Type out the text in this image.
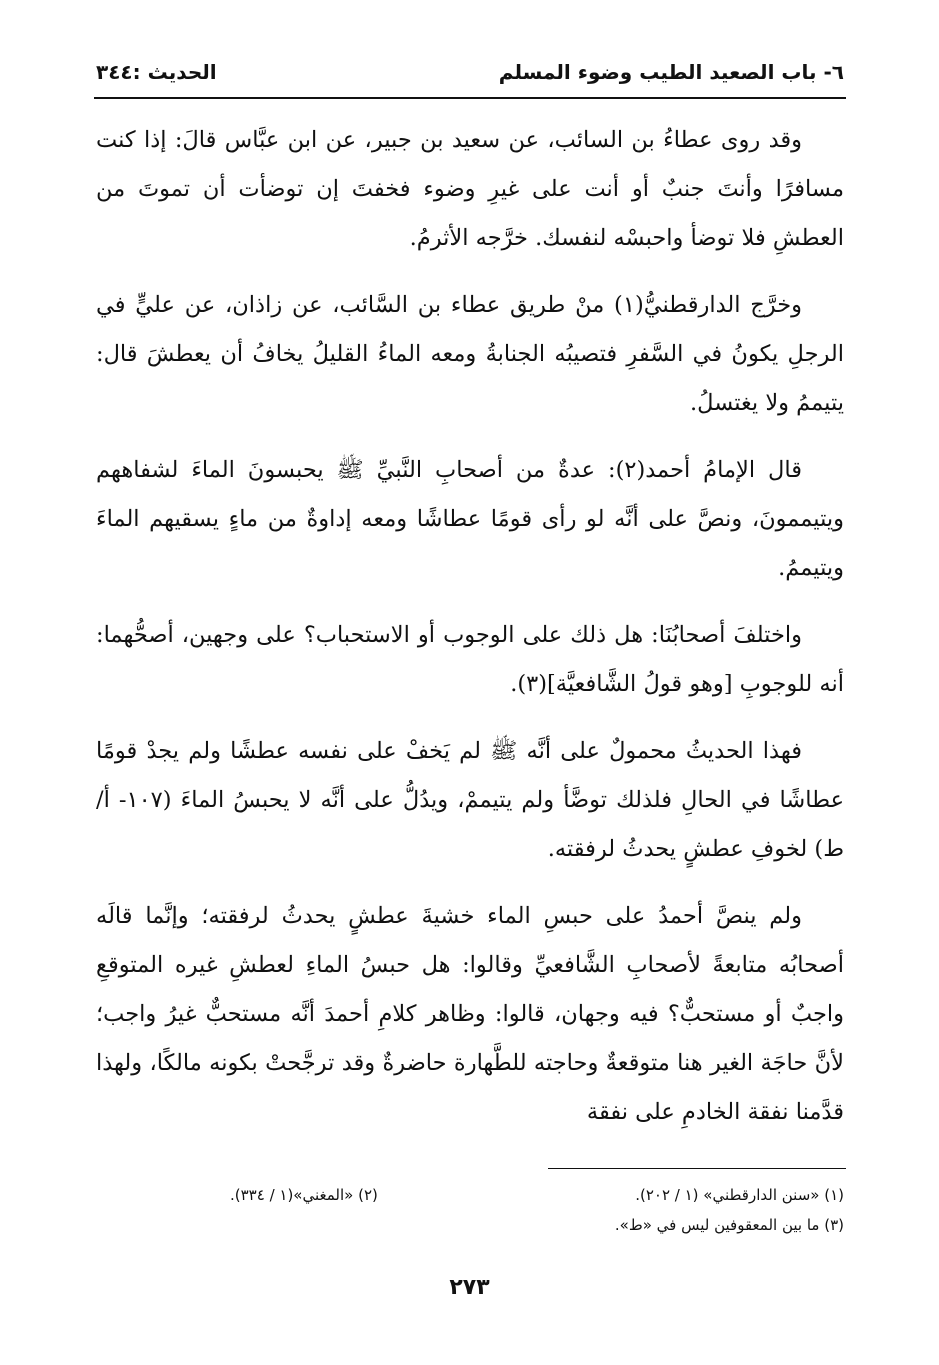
٦- باب الصعيد الطيب وضوء المسلم
الحديث :٣٤٤

وقد روى عطاءُ بن السائب، عن سعيد بن جبير، عن ابن عبَّاس قالَ: إذا كنت مسافرًا وأنتَ جنبٌ أو أنت على غيرِ وضوء فخفتَ إن توضأت أن تموتَ من العطشِ فلا توضأ واحبسْه لنفسك. خرَّجه الأثرمُ.

وخرَّج الدارقطنيُّ(١) منْ طريق عطاء بن السَّائب، عن زاذان، عن عليٍّ في الرجلِ يكونُ في السَّفرِ فتصيبُه الجنابةُ ومعه الماءُ القليلُ يخافُ أن يعطشَ قال: يتيممُ ولا يغتسلُ.

قال الإمامُ أحمد(٢): عدةٌ من أصحابِ النَّبيِّ ﷺ يحبسونَ الماءَ لشفاههم ويتيممونَ، ونصَّ على أنَّه لو رأى قومًا عطاشًا ومعه إداوةٌ من ماءٍ يسقيهم الماءَ ويتيممُ.

واختلفَ أصحابُنَا: هل ذلك على الوجوب أو الاستحباب؟ على وجهين، أصحُّهما: أنه للوجوبِ [وهو قولُ الشَّافعيَّة](٣).

فهذا الحديثُ محمولٌ على أنَّه ﷺ لم يَخفْ على نفسه عطشًا ولم يجدْ قومًا عطاشًا في الحالِ فلذلك توضَّأ ولم يتيممْ، ويدُلُّ على أنَّه لا يحبسُ الماءَ (١٠٧- أ/ ط) لخوفِ عطشٍ يحدثُ لرفقته.

ولم ينصَّ أحمدُ على حبسِ الماء خشيةَ عطشٍ يحدثُ لرفقته؛ وإنَّما قالَه أصحابُه متابعةً لأصحابِ الشَّافعيِّ وقالوا: هل حبسُ الماءِ لعطشِ غيره المتوقعِ واجبٌ أو مستحبٌّ؟ فيه وجهان، قالوا: وظاهر كلامِ أحمدَ أنَّه مستحبٌّ غيرُ واجب؛ لأنَّ حاجَة الغير هنا متوقعةٌ وحاجته للطَّهارة حاضرةٌ وقد ترجَّحتْ بكونه مالكًا، ولهذا قدَّمنا نفقة الخادمِ على نفقة

(١) «سنن الدارقطني» (١ / ٢٠٢).
(٢) «المغني»(١ / ٣٣٤).
(٣) ما بين المعقوفين ليس في «ط».
٢٧٣
